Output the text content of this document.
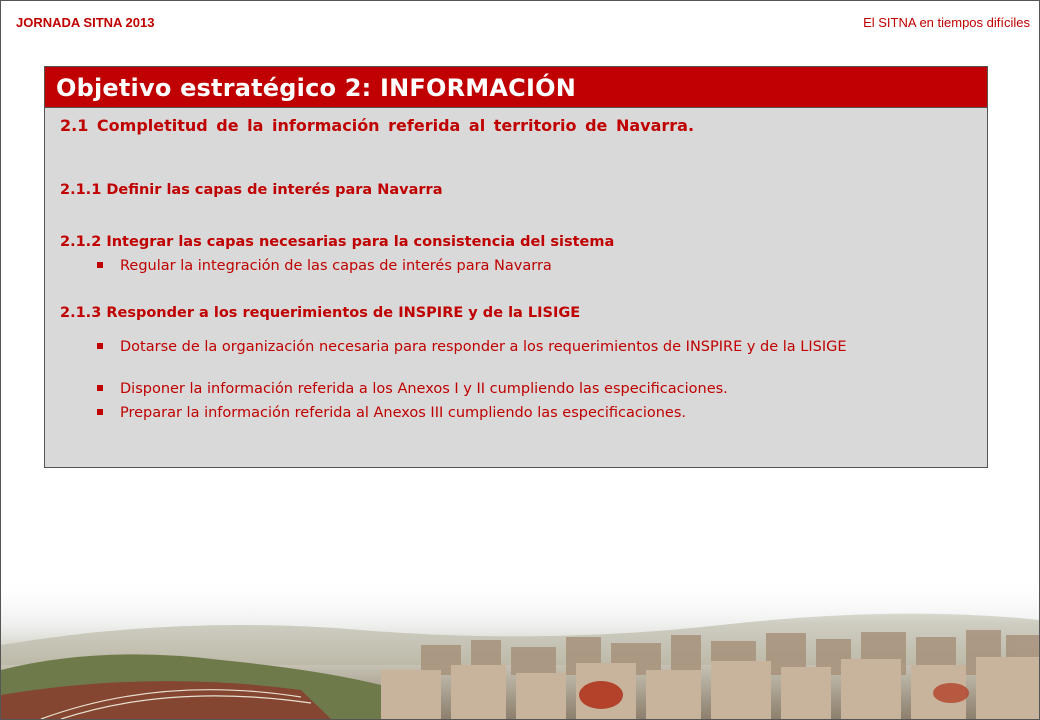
JORNADA SITNA 2013	El SITNA en tiempos difíciles
Objetivo estratégico 2: INFORMACIÓN
2.1 Completitud de la información referida al territorio de Navarra.
2.1.1 Definir las capas de interés para Navarra
2.1.2 Integrar las capas necesarias para la consistencia del sistema
Regular la integración de las capas de interés para Navarra
2.1.3 Responder a los requerimientos de INSPIRE y de la LISIGE
Dotarse de la organización necesaria para responder a los requerimientos de INSPIRE y de la LISIGE
Disponer la información referida a los Anexos I y II cumpliendo las especificaciones.
Preparar la información referida al Anexos III cumpliendo las especificaciones.
